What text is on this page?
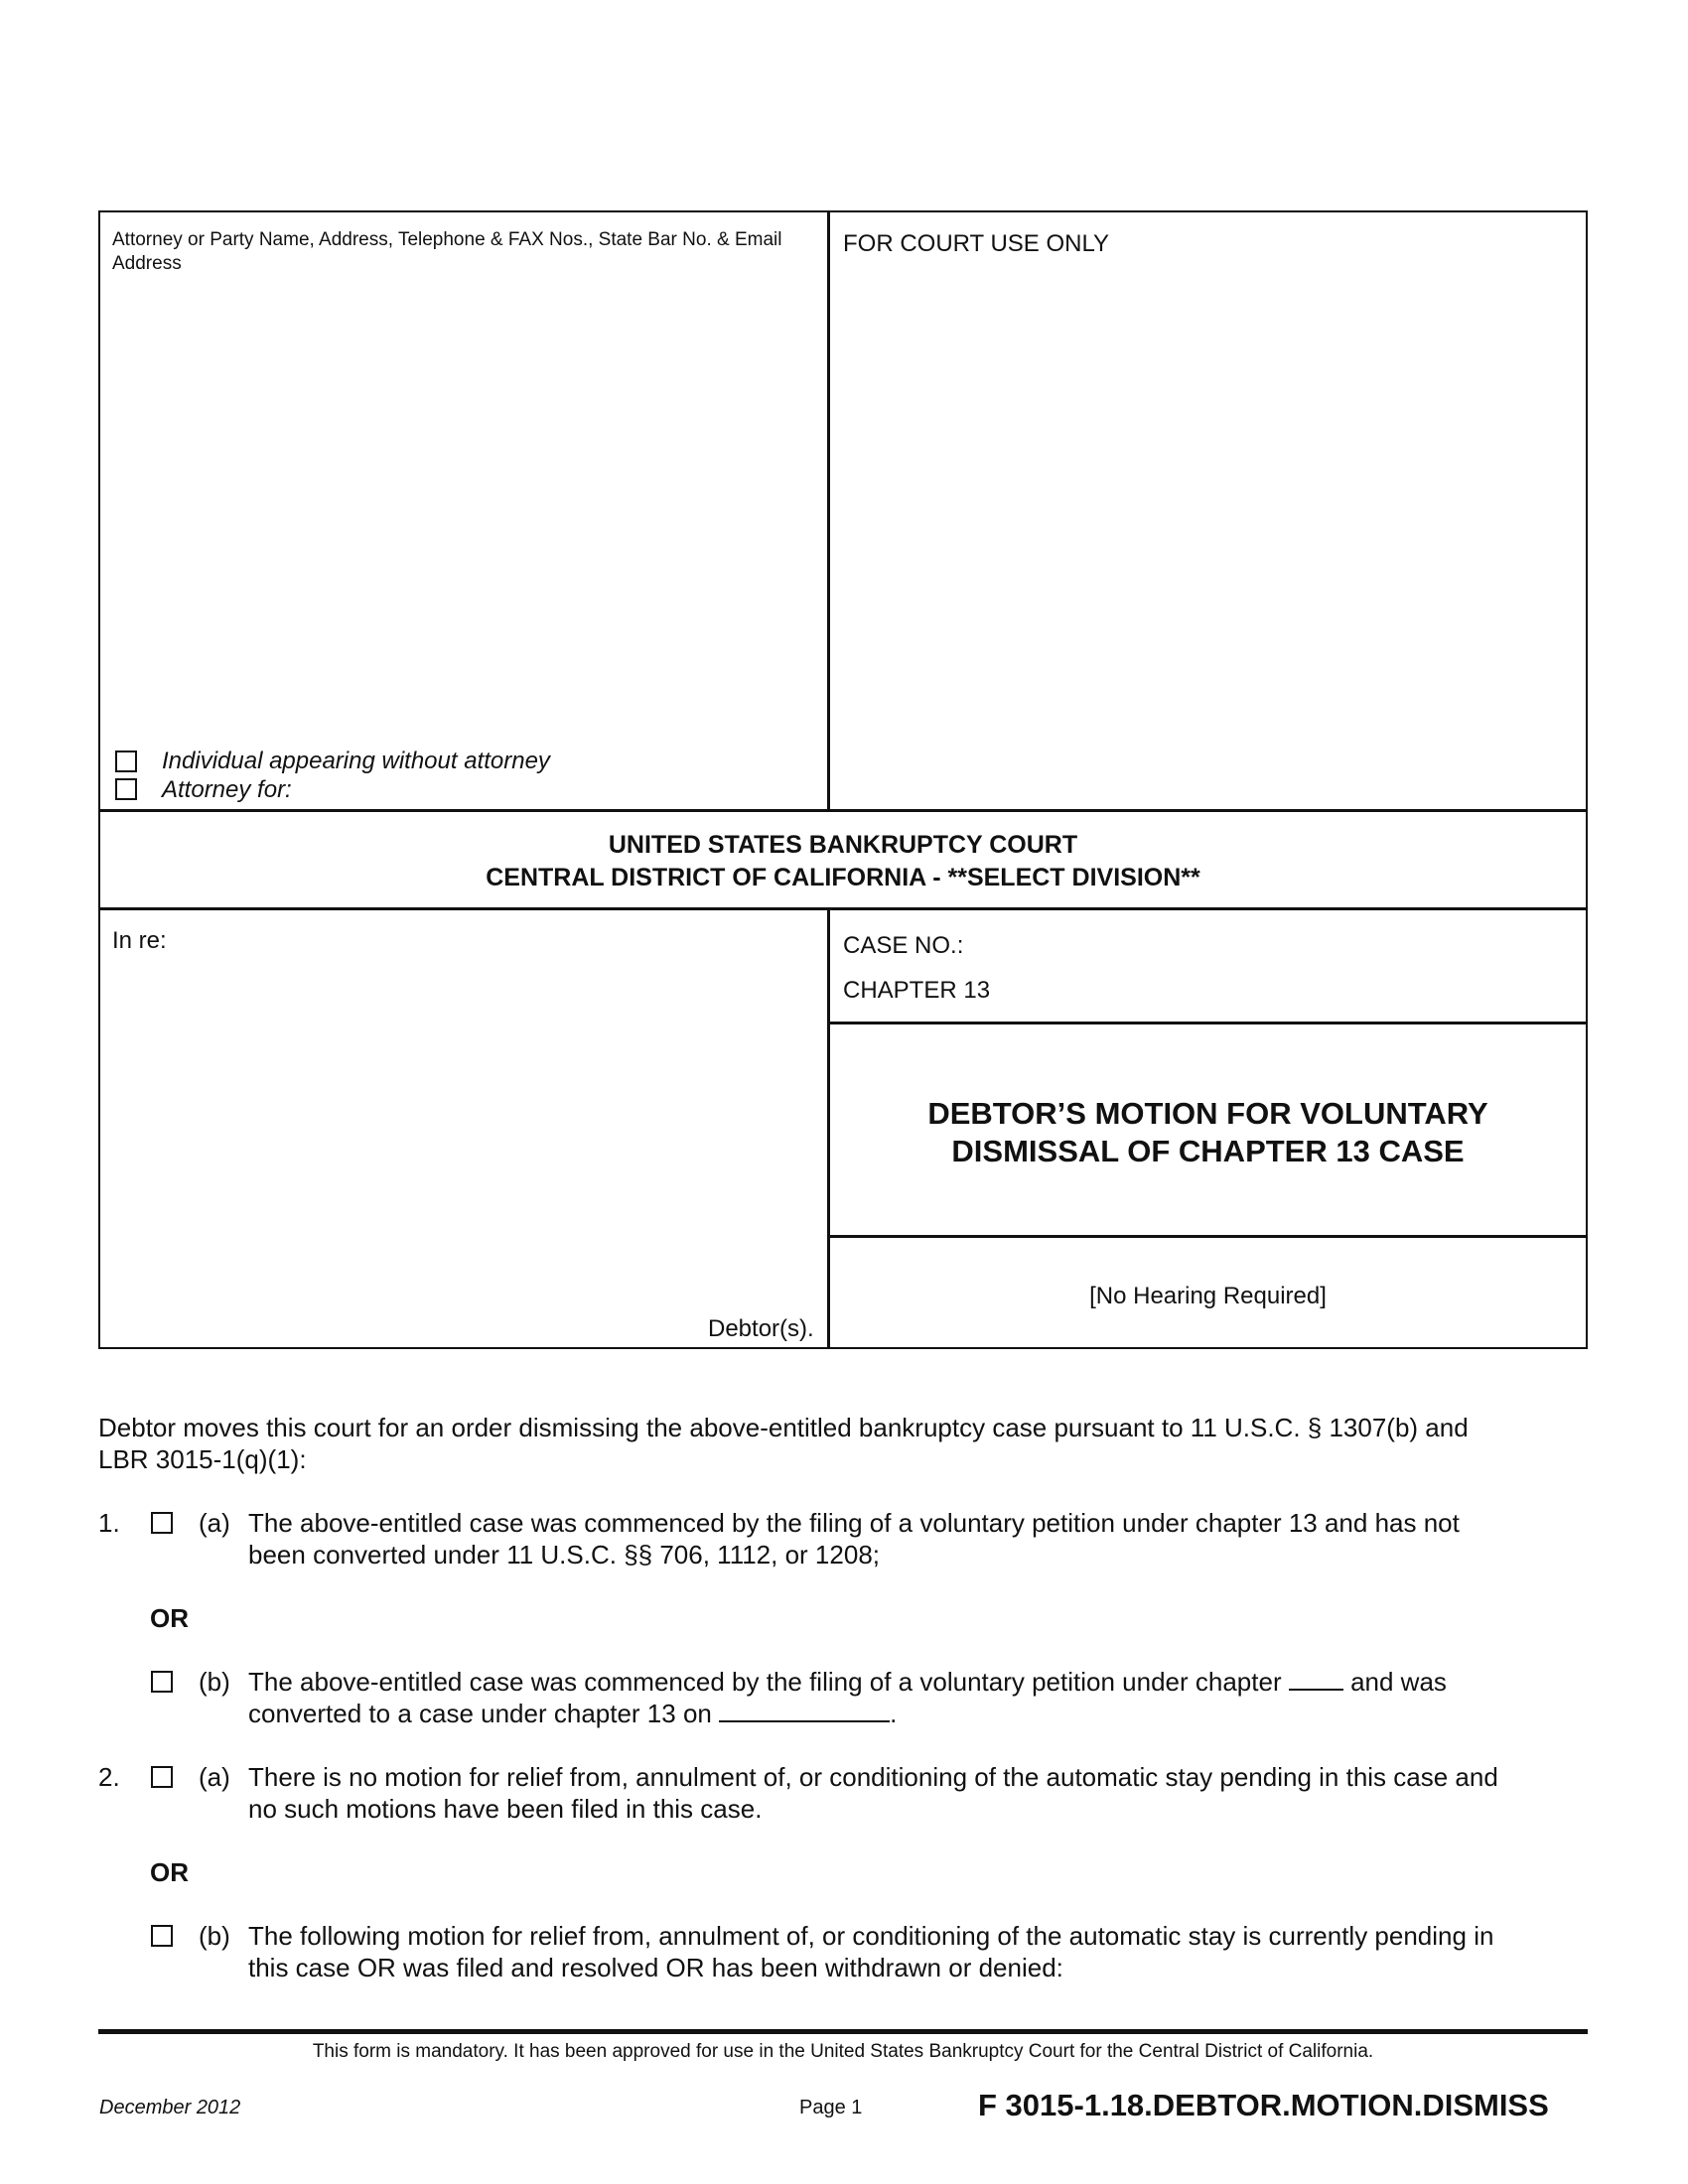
Attorney or Party Name, Address, Telephone & FAX Nos., State Bar No. & Email Address
FOR COURT USE ONLY
Individual appearing without attorney
Attorney for:
UNITED STATES BANKRUPTCY COURT
CENTRAL DISTRICT OF CALIFORNIA - **SELECT DIVISION**
In re:
Debtor(s).
CASE NO.:
CHAPTER 13
DEBTOR’S MOTION FOR VOLUNTARY
DISMISSAL OF CHAPTER 13 CASE
[No Hearing Required]
Debtor moves this court for an order dismissing the above-entitled bankruptcy case pursuant to 11 U.S.C. § 1307(b) and
LBR 3015-1(q)(1):
1.	(a) The above-entitled case was commenced by the filing of a voluntary petition under chapter 13 and has not
been converted under 11 U.S.C. §§ 706, 1112, or 1208;
OR
(b) The above-entitled case was commenced by the filing of a voluntary petition under chapter	and was
converted to a case under chapter 13 on	.
2.	(a) There is no motion for relief from, annulment of, or conditioning of the automatic stay pending in this case and
no such motions have been filed in this case.
OR
(b) The following motion for relief from, annulment of, or conditioning of the automatic stay is currently pending in
this case OR was filed and resolved OR has been withdrawn or denied:
This form is mandatory. It has been approved for use in the United States Bankruptcy Court for the Central District of California.
December 2012	Page 1	F 3015-1.18.DEBTOR.MOTION.DISMISS
